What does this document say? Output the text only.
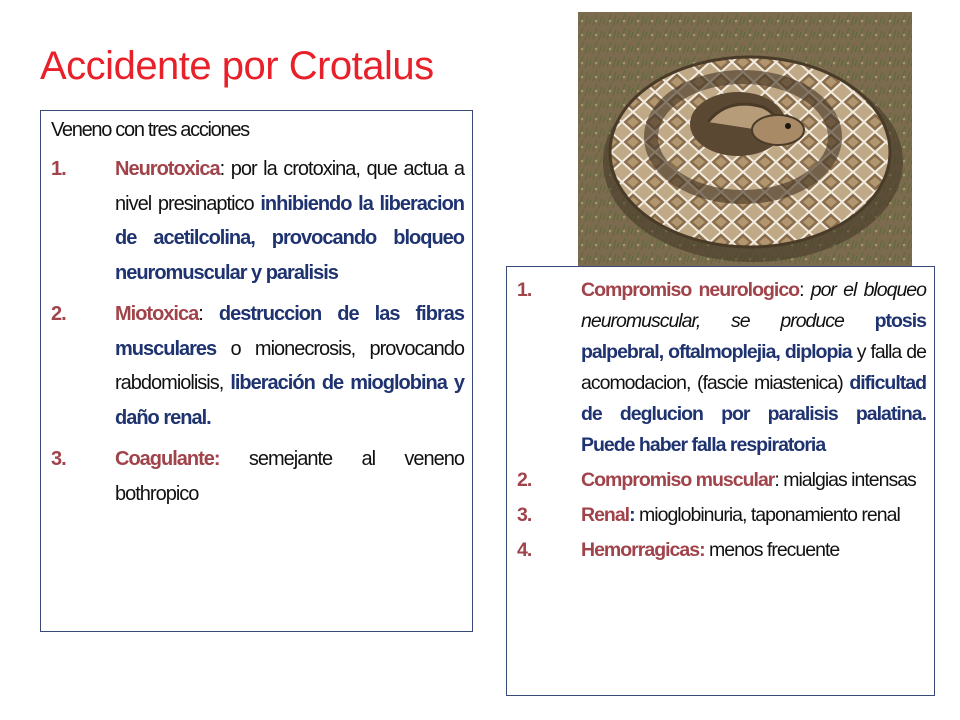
Accidente por Crotalus
Veneno con tres acciones
1.	Neurotoxica: por la crotoxina, que actua a nivel presinaptico inhibiendo la liberacion de acetilcolina, provocando bloqueo neuromuscular y paralisis
2.	Miotoxica: destruccion de las fibras musculares o mionecrosis, provocando rabdomiolisis, liberación de mioglobina y daño renal.
3.	Coagulante: semejante al veneno bothropico
1.	Compromiso neurologico: por el bloqueo neuromuscular, se produce ptosis palpebral, oftalmoplejia, diplopia y falla de acomodacion, (fascie miastenica) dificultad de deglucion por paralisis palatina. Puede haber falla respiratoria
2.	Compromiso muscular: mialgias intensas
3.	Renal: mioglobinuria, taponamiento renal
4.	Hemorragicas: menos frecuente
